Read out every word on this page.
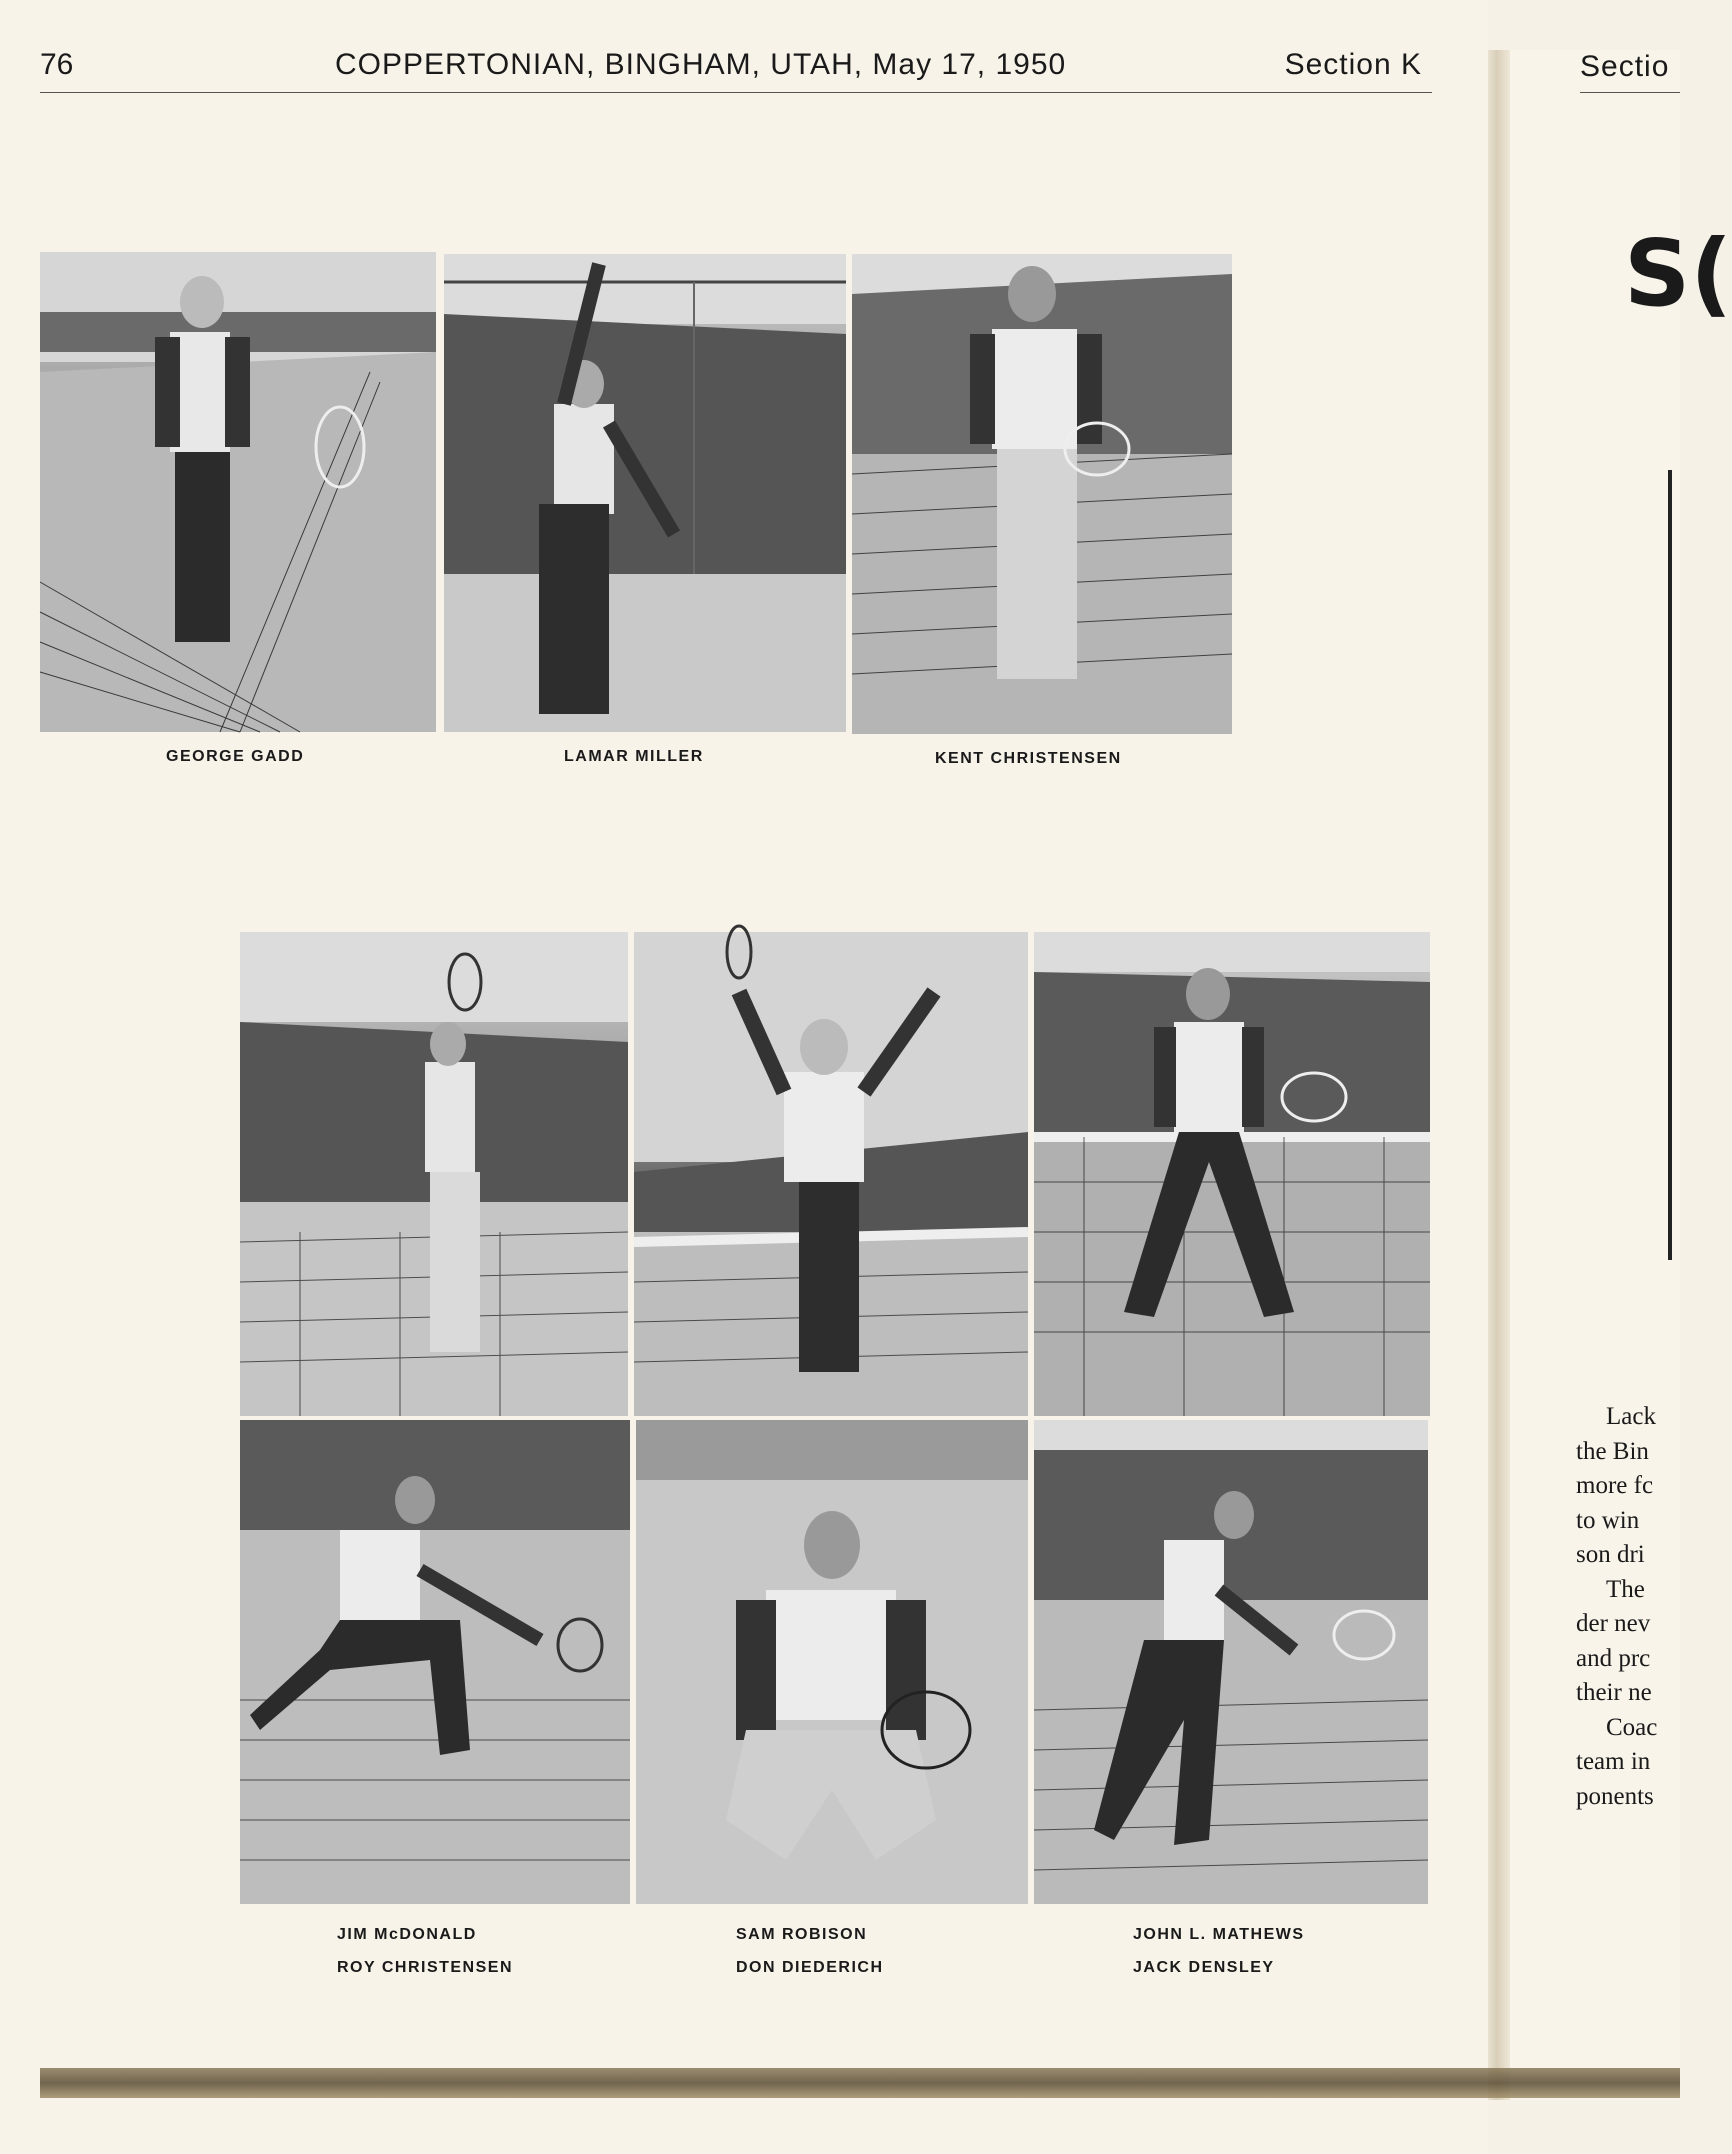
76	COPPERTONIAN, BINGHAM, UTAH, May 17, 1950	Section K
GEORGE GADD	LAMAR MILLER	KENT CHRISTENSEN
JIM McDONALD
ROY CHRISTENSEN
SAM ROBISON
DON DIEDERICH
JOHN L. MATHEWS
JACK DENSLEY
Sectio
S(
Lack
the Bin
more fc
to win
son dri
The
der nev
and prc
their ne
Coac
team in
ponents
